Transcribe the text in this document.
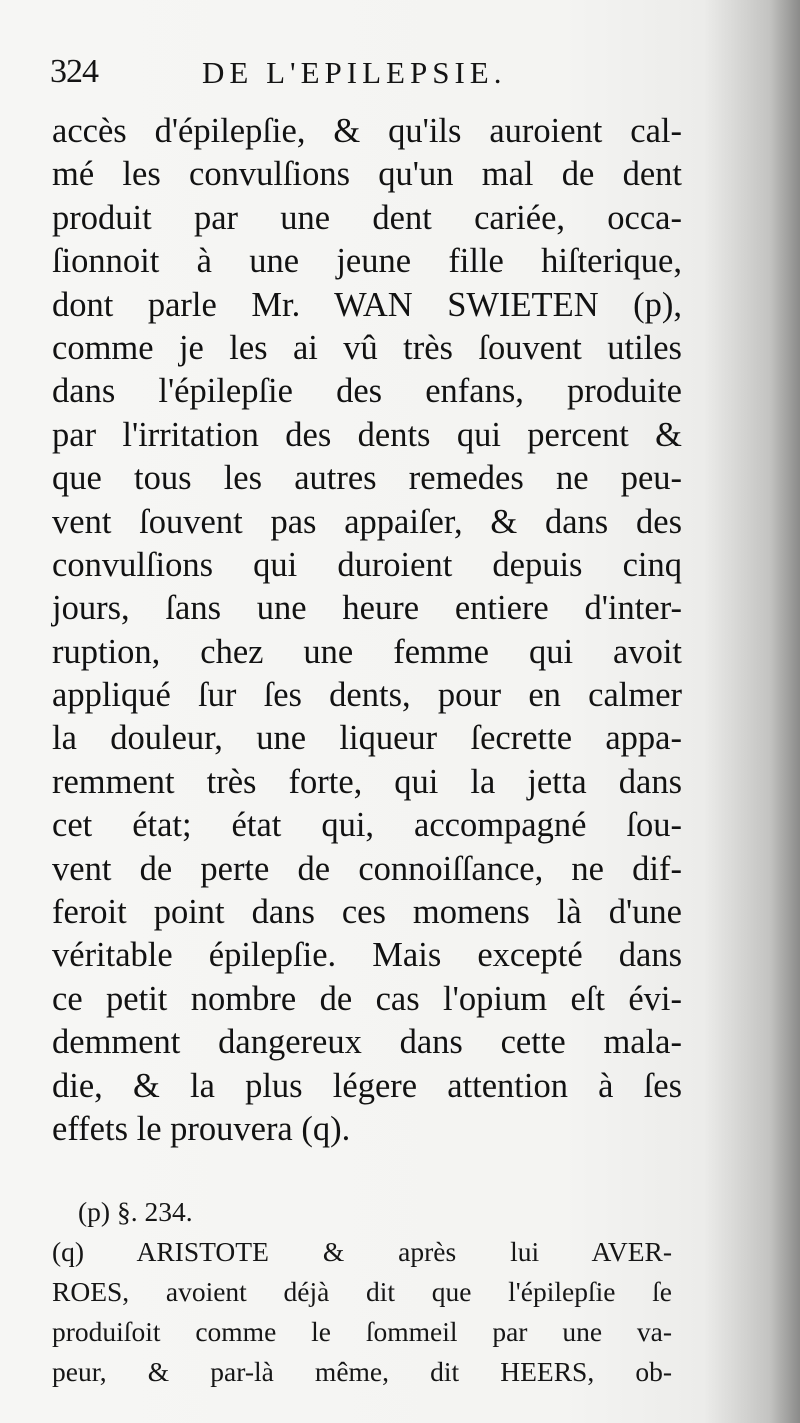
324	DE L'EPILEPSIE.
accès d'épilepſie, & qu'ils auroient cal-
mé les convulſions qu'un mal de dent
produit par une dent cariée, occa-
ſionnoit à une jeune fille hiſterique,
dont parle Mr. WAN SWIETEN (p),
comme je les ai vû très ſouvent utiles
dans l'épilepſie des enfans, produite
par l'irritation des dents qui percent &
que tous les autres remedes ne peu-
vent ſouvent pas appaiſer, & dans des
convulſions qui duroient depuis cinq
jours, ſans une heure entiere d'inter-
ruption, chez une femme qui avoit
appliqué ſur ſes dents, pour en calmer
la douleur, une liqueur ſecrette appa-
remment très forte, qui la jetta dans
cet état; état qui, accompagné ſou-
vent de perte de connoiſſance, ne dif-
feroit point dans ces momens là d'une
véritable épilepſie. Mais excepté dans
ce petit nombre de cas l'opium eſt évi-
demment dangereux dans cette mala-
die, & la plus légere attention à ſes
effets le prouvera (q).
(p) §. 234.
(q) ARISTOTE & après lui AVER-
ROES, avoient déjà dit que l'épilepſie ſe
produiſoit comme le ſommeil par une va-
peur, & par-là même, dit HEERS, ob-
